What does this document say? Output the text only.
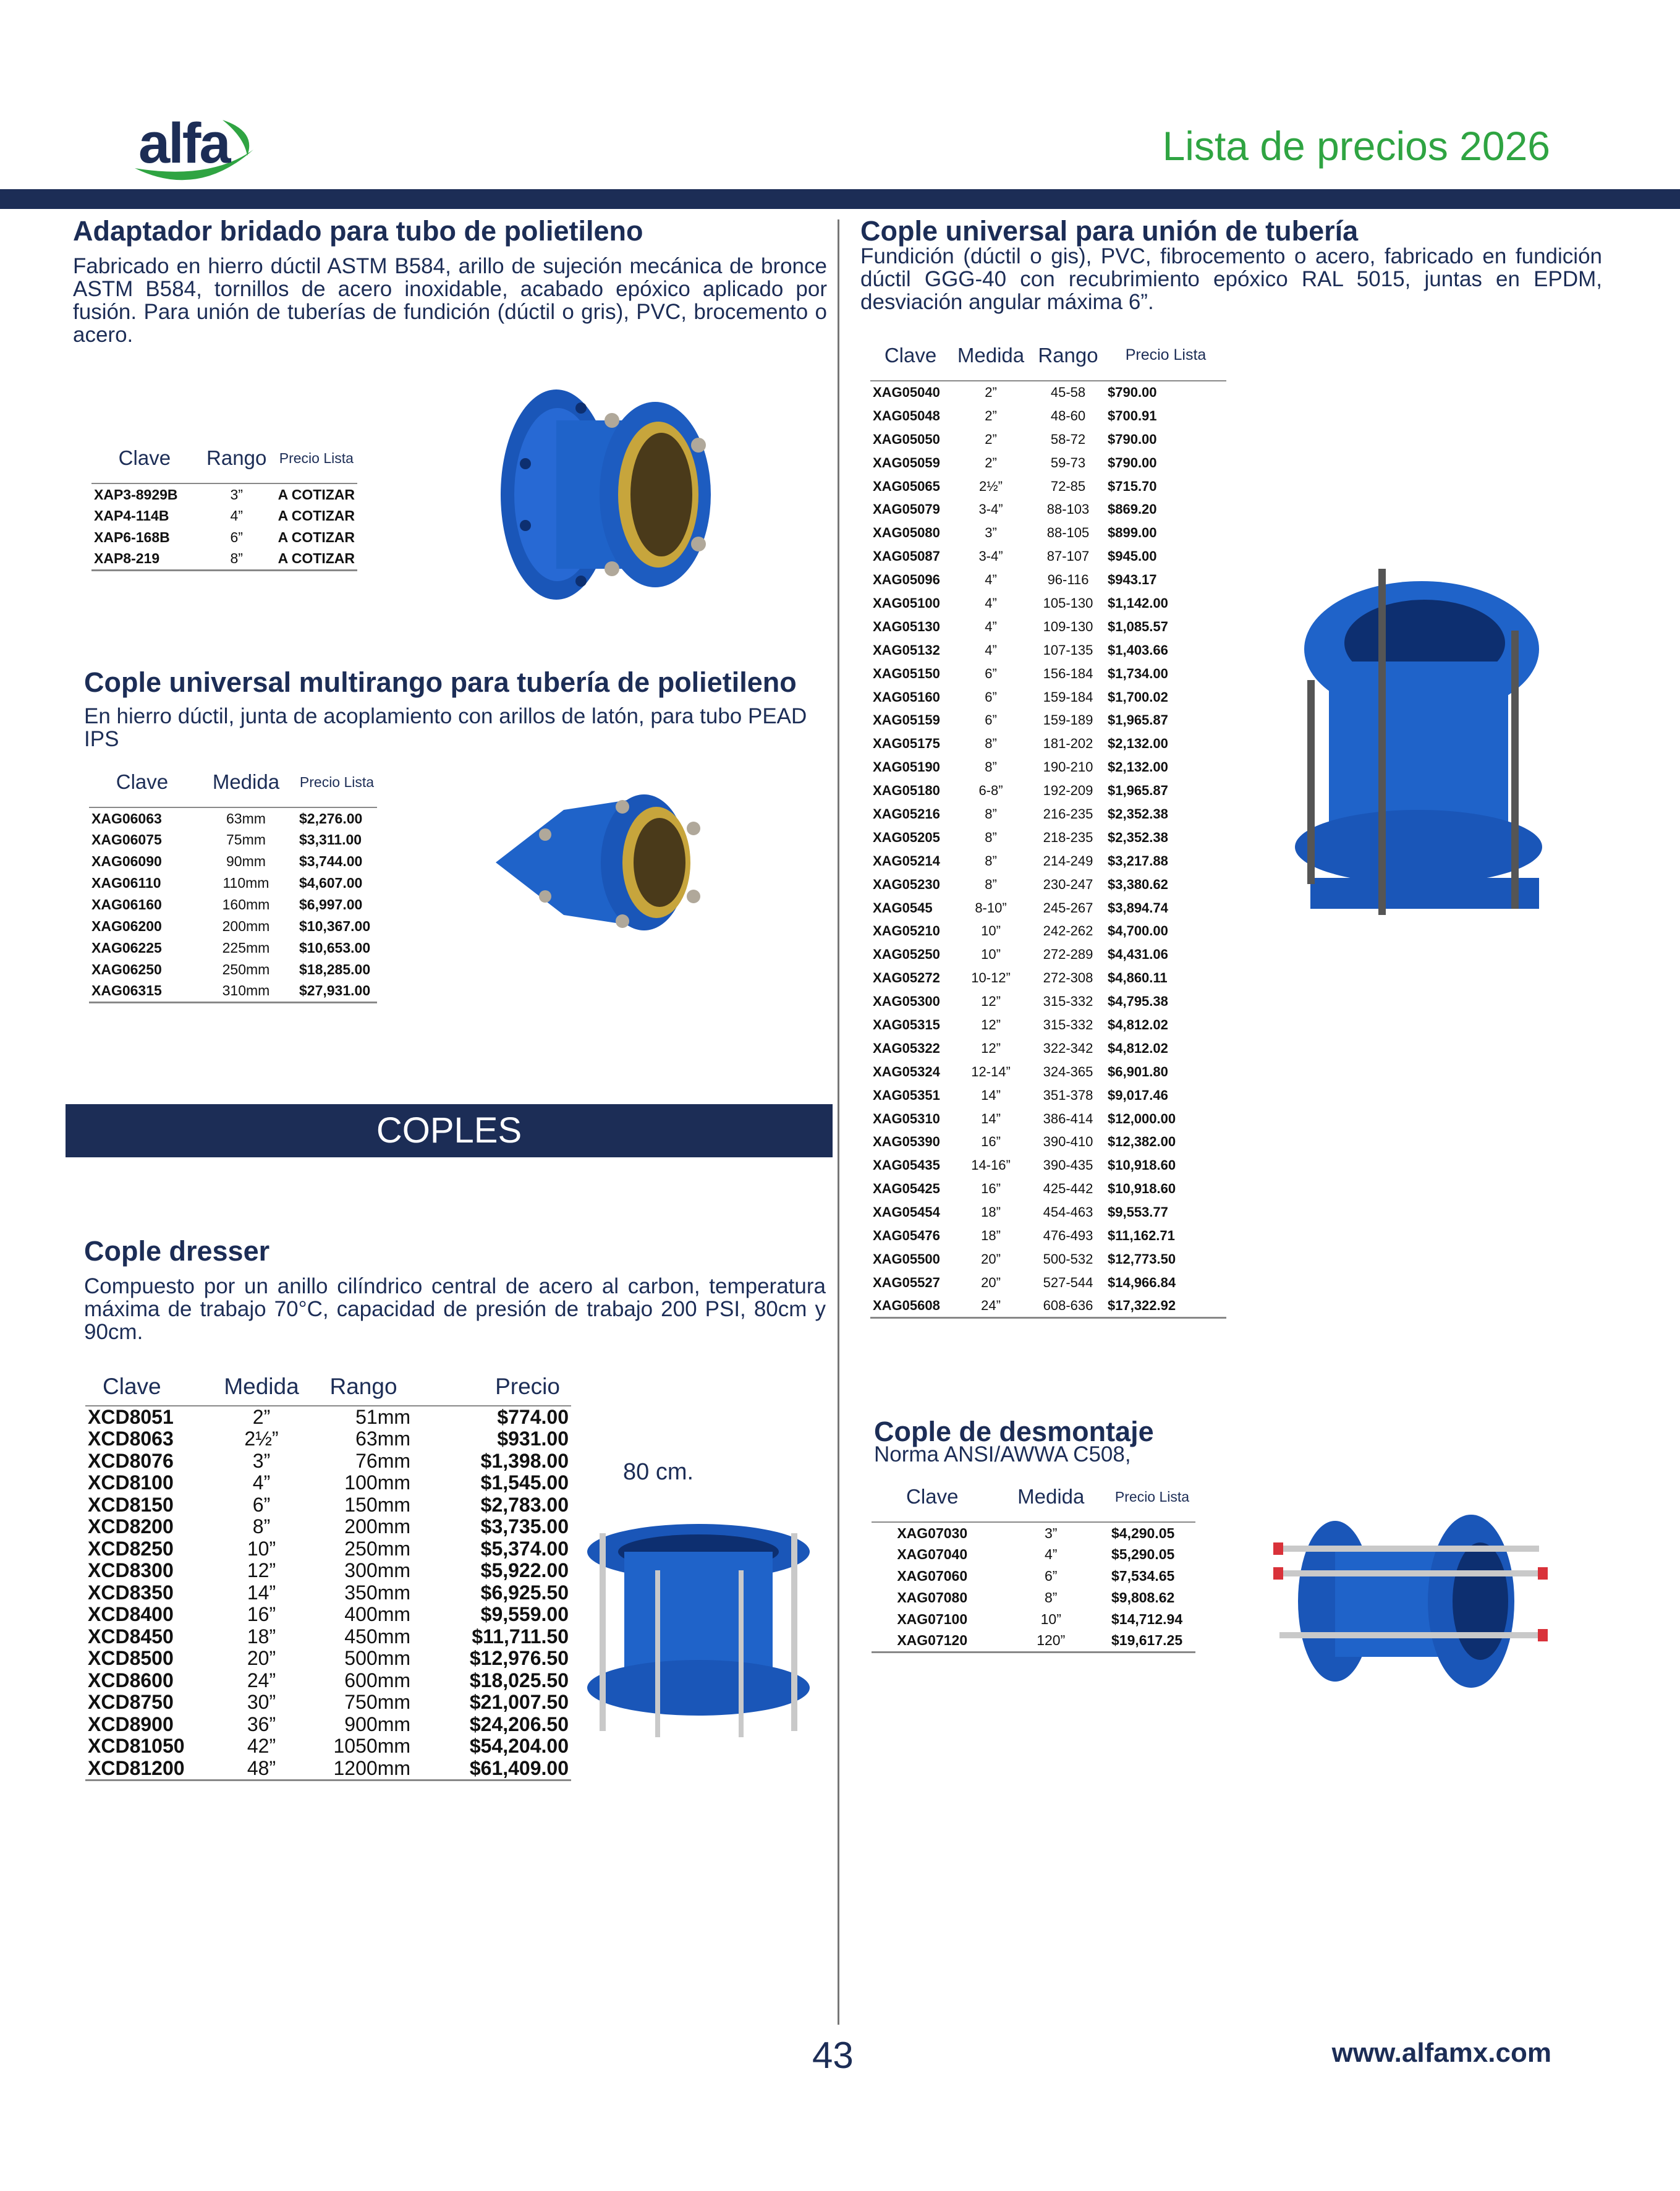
alfa	Lista de precios 2026
Adaptador bridado para tubo de polietileno
Fabricado en hierro dúctil ASTM B584, arillo de sujeción mecánica de bronce ASTM B584, tornillos de acero inoxidable, acabado epóxico aplicado por fusión. Para unión de tuberías de fundición (dúctil o gris), PVC, brocemento o acero.
Clave	Rango	Precio Lista
XAP3-8929B	3”	A COTIZAR
XAP4-114B	4”	A COTIZAR
XAP6-168B	6”	A COTIZAR
XAP8-219	8”	A COTIZAR
Cople universal multirango para tubería de polietileno
En hierro dúctil, junta de acoplamiento con arillos de latón, para tubo PEAD IPS
Clave	Medida	Precio Lista
XAG06063	63mm	$2,276.00
XAG06075	75mm	$3,311.00
XAG06090	90mm	$3,744.00
XAG06110	110mm	$4,607.00
XAG06160	160mm	$6,997.00
XAG06200	200mm	$10,367.00
XAG06225	225mm	$10,653.00
XAG06250	250mm	$18,285.00
XAG06315	310mm	$27,931.00
COPLES
Cople dresser
Compuesto por un anillo cilíndrico central de acero al carbon, temperatura máxima de trabajo 70°C, capacidad de presión de trabajo 200 PSI, 80cm y 90cm.
Clave	Medida	Rango	Precio
XCD8051	2”	51mm	$774.00
XCD8063	2½”	63mm	$931.00
XCD8076	3”	76mm	$1,398.00
XCD8100	4”	100mm	$1,545.00
XCD8150	6”	150mm	$2,783.00
XCD8200	8”	200mm	$3,735.00
XCD8250	10”	250mm	$5,374.00
XCD8300	12”	300mm	$5,922.00
XCD8350	14”	350mm	$6,925.50
XCD8400	16”	400mm	$9,559.00
XCD8450	18”	450mm	$11,711.50
XCD8500	20”	500mm	$12,976.50
XCD8600	24”	600mm	$18,025.50
XCD8750	30”	750mm	$21,007.50
XCD8900	36”	900mm	$24,206.50
XCD81050	42”	1050mm	$54,204.00
XCD81200	48”	1200mm	$61,409.00
80 cm.
Cople universal para unión de tubería
Fundición (dúctil o gis), PVC, fibrocemento o acero, fabricado en fundición dúctil GGG-40 con recubrimiento epóxico RAL 5015, juntas en EPDM, desviación angular máxima 6”.
Clave	Medida	Rango	Precio Lista
XAG05040	2”	45-58	$790.00
XAG05048	2”	48-60	$700.91
XAG05050	2”	58-72	$790.00
XAG05059	2”	59-73	$790.00
XAG05065	2½”	72-85	$715.70
XAG05079	3-4”	88-103	$869.20
XAG05080	3”	88-105	$899.00
XAG05087	3-4”	87-107	$945.00
XAG05096	4”	96-116	$943.17
XAG05100	4”	105-130	$1,142.00
XAG05130	4”	109-130	$1,085.57
XAG05132	4”	107-135	$1,403.66
XAG05150	6”	156-184	$1,734.00
XAG05160	6”	159-184	$1,700.02
XAG05159	6”	159-189	$1,965.87
XAG05175	8”	181-202	$2,132.00
XAG05190	8”	190-210	$2,132.00
XAG05180	6-8”	192-209	$1,965.87
XAG05216	8”	216-235	$2,352.38
XAG05205	8”	218-235	$2,352.38
XAG05214	8”	214-249	$3,217.88
XAG05230	8”	230-247	$3,380.62
XAG0545	8-10”	245-267	$3,894.74
XAG05210	10”	242-262	$4,700.00
XAG05250	10”	272-289	$4,431.06
XAG05272	10-12”	272-308	$4,860.11
XAG05300	12”	315-332	$4,795.38
XAG05315	12”	315-332	$4,812.02
XAG05322	12”	322-342	$4,812.02
XAG05324	12-14”	324-365	$6,901.80
XAG05351	14”	351-378	$9,017.46
XAG05310	14”	386-414	$12,000.00
XAG05390	16”	390-410	$12,382.00
XAG05435	14-16”	390-435	$10,918.60
XAG05425	16”	425-442	$10,918.60
XAG05454	18”	454-463	$9,553.77
XAG05476	18”	476-493	$11,162.71
XAG05500	20”	500-532	$12,773.50
XAG05527	20”	527-544	$14,966.84
XAG05608	24”	608-636	$17,322.92
Cople de desmontaje
Norma ANSI/AWWA C508,
Clave	Medida	Precio Lista
XAG07030	3”	$4,290.05
XAG07040	4”	$5,290.05
XAG07060	6”	$7,534.65
XAG07080	8”	$9,808.62
XAG07100	10”	$14,712.94
XAG07120	120”	$19,617.25
43	www.alfamx.com
